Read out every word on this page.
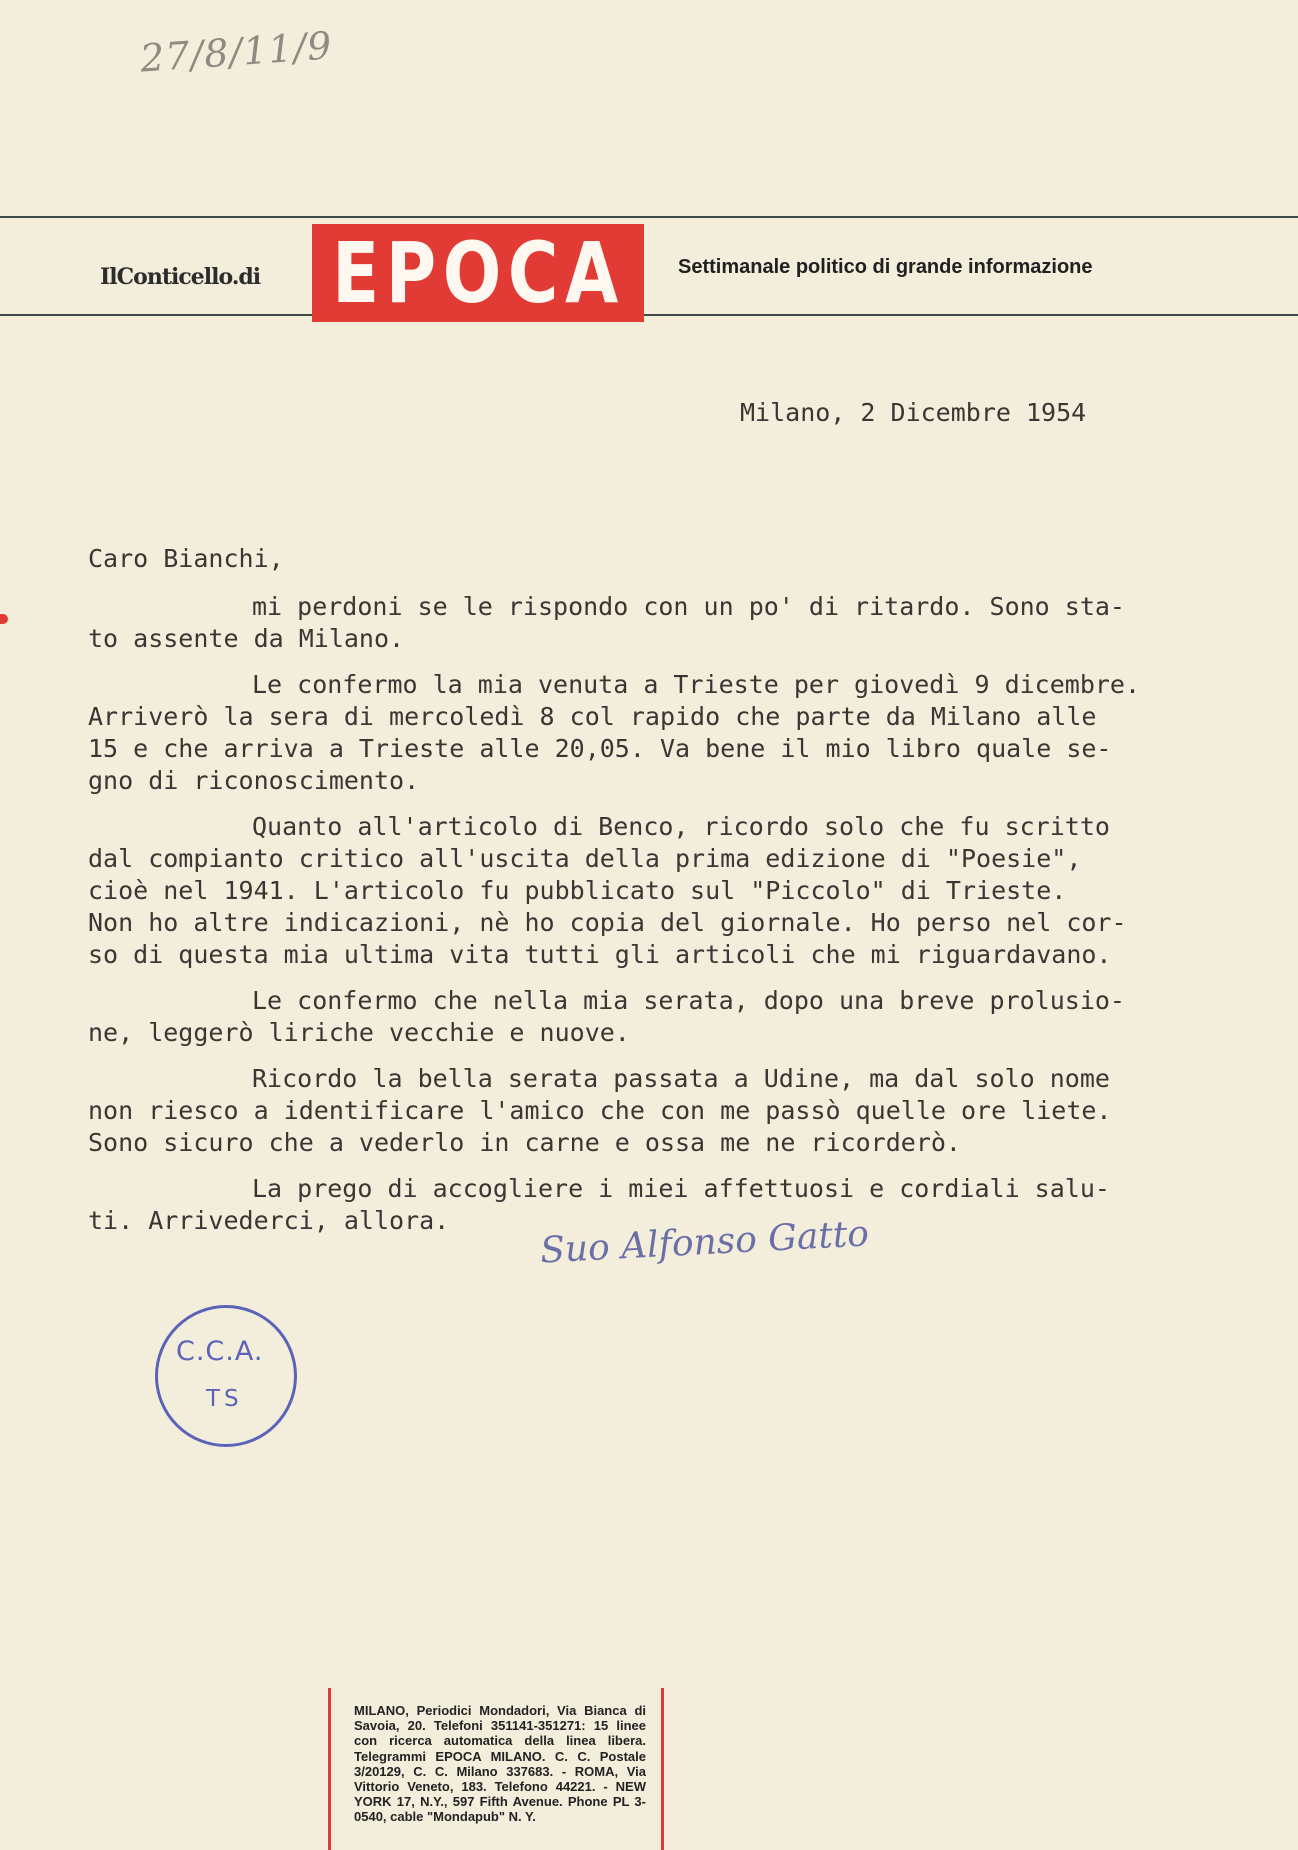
27/8/11/9
IlConticello.di EPOCA	Settimanale politico di grande informazione
Milano, 2 Dicembre 1954
Caro Bianchi,
mi perdoni se le rispondo con un po' di ritardo. Sono sta-
to assente da Milano.
Le confermo la mia venuta a Trieste per giovedì 9 dicembre.
Arriverò la sera di mercoledì 8 col rapido che parte da Milano alle
15 e che arriva a Trieste alle 20,05. Va bene il mio libro quale se-
gno di riconoscimento.
Quanto all'articolo di Benco, ricordo solo che fu scritto
dal compianto critico all'uscita della prima edizione di "Poesie",
cioè nel 1941. L'articolo fu pubblicato sul "Piccolo" di Trieste.
Non ho altre indicazioni, nè ho copia del giornale. Ho perso nel cor-
so di questa mia ultima vita tutti gli articoli che mi riguardavano.
Le confermo che nella mia serata, dopo una breve prolusio-
ne, leggerò liriche vecchie e nuove.
Ricordo la bella serata passata a Udine, ma dal solo nome
non riesco a identificare l'amico che con me passò quelle ore liete.
Sono sicuro che a vederlo in carne e ossa me ne ricorderò.
La prego di accogliere i miei affettuosi e cordiali salu-
ti. Arrivederci, allora. Suo Alfonso Gatto
C.C.A.
TS
MILANO, Periodici Mondadori, Via Bianca di Savoia, 20. Telefoni 351141-351271: 15 linee con ricerca automatica della linea libera. Telegrammi EPOCA MILANO. C. C. Postale 3/20129, C. C. Milano 337683. - ROMA, Via Vittorio Veneto, 183. Telefono 44221. - NEW YORK 17, N.Y., 597 Fifth Avenue. Phone PL 3-0540, cable "Mondapub" N. Y.
